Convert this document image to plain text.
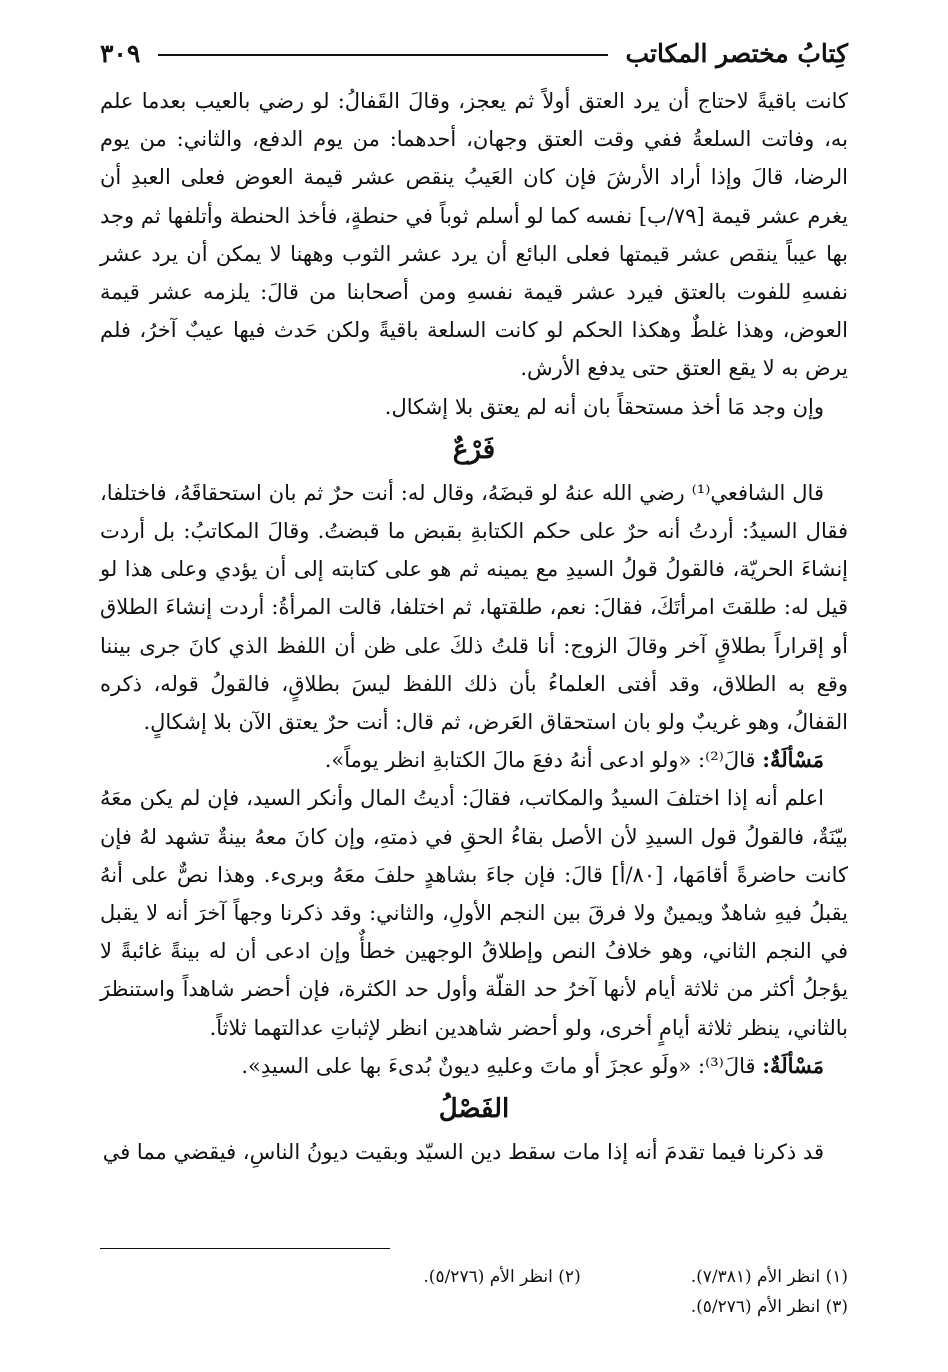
كِتابُ مختصر المكاتب
٣٠٩

كانت باقيةً لاحتاج أن يرد العتق أولاً ثم يعجز، وقالَ القَفالُ: لو رضي بالعيب بعدما علم به، وفاتت السلعةُ ففي وقت العتق وجهان، أحدهما: من يوم الدفع، والثاني: من يوم الرضا، قالَ وإذا أراد الأرشَ فإن كان العَيبُ ينقص عشر قيمة العوض فعلى العبدِ أن يغرم عشر قيمة [٧٩/ب] نفسه كما لو أسلم ثوباً في حنطةٍ، فأخذ الحنطة وأتلفها ثم وجد بها عيباً ينقص عشر قيمتها فعلى البائع أن يرد عشر الثوب وههنا لا يمكن أن يرد عشر نفسهِ للفوت بالعتق فيرد عشر قيمة نفسهِ ومن أصحابنا من قالَ: يلزمه عشر قيمة العوض، وهذا غلطٌ وهكذا الحكم لو كانت السلعة باقيةً ولكن حَدث فيها عيبٌ آخرُ، فلم يرض به لا يقع العتق حتى يدفع الأرش.

وإن وجد مَا أخذ مستحقاً بان أنه لم يعتق بلا إشكال.

فَرْعٌ

قال الشافعي⁽¹⁾ رضي الله عنهُ لو قبضَهُ، وقال له: أنت حرٌ ثم بان استحقاقَهُ، فاختلفا، فقال السيدُ: أردتُ أنه حرٌ على حكم الكتابةِ بقبض ما قبضتُ. وقالَ المكاتبُ: بل أردت إنشاءَ الحريّة، فالقولُ قولُ السيدِ مع يمينه ثم هو على كتابته إلى أن يؤدي وعلى هذا لو قيل له: طلقتَ امرأتَكَ، فقالَ: نعم، طلقتها، ثم اختلفا، قالت المرأةُ: أردت إنشاءَ الطلاق أو إقراراً بطلاقٍ آخر وقالَ الزوج: أنا قلتُ ذلكَ على ظن أن اللفظ الذي كانَ جرى بيننا وقع به الطلاق، وقد أفتى العلماءُ بأن ذلك اللفظ ليسَ بطلاقٍ، فالقولُ قوله، ذكره القفالُ، وهو غريبٌ ولو بان استحقاق العَرض، ثم قال: أنت حرٌ يعتق الآن بلا إشكالٍ.

مَسْألَةٌ: قالَ⁽²⁾: «ولو ادعى أنهُ دفعَ مالَ الكتابةِ انظر يوماً».

اعلم أنه إذا اختلفَ السيدُ والمكاتب، فقالَ: أديتُ المال وأنكر السيد، فإن لم يكن معَهُ بيّنَةٌ، فالقولُ قول السيدِ لأن الأصل بقاءُ الحقِ في ذمتهِ، وإن كانَ معهُ بينةٌ تشهد لهُ فإن كانت حاضرةً أقامَها، [٨٠/أ] قالَ: فإن جاءَ بشاهدٍ حلفَ معَهُ وبرىء. وهذا نصٌّ على أنهُ يقبلُ فيهِ شاهدٌ ويمينٌ ولا فرقَ بين النجم الأولِ، والثاني: وقد ذكرنا وجهاً آخرَ أنه لا يقبل في النجم الثاني، وهو خلافُ النص وإطلاقُ الوجهين خطأٌ وإن ادعى أن له بينةً غائبةً لا يؤجلُ أكثر من ثلاثة أيام لأنها آخرُ حد القلّة وأول حد الكثرة، فإن أحضر شاهداً واستنظرَ بالثاني، ينظر ثلاثة أيامٍ أخرى، ولو أحضر شاهدين انظر لإثباتِ عدالتهما ثلاثاً.

مَسْألَةٌ: قالَ⁽³⁾: «ولَو عجزَ أو ماتَ وعليهِ ديونٌ بُدىءَ بها على السيدِ».

الفَصْلُ

قد ذكرنا فيما تقدمَ أنه إذا مات سقط دين السيّد وبقيت ديونُ الناسِ، فيقضي مما في

(١) انظر الأم (٧/٣٨١).
(٢) انظر الأم (٥/٢٧٦).
(٣) انظر الأم (٥/٢٧٦).
